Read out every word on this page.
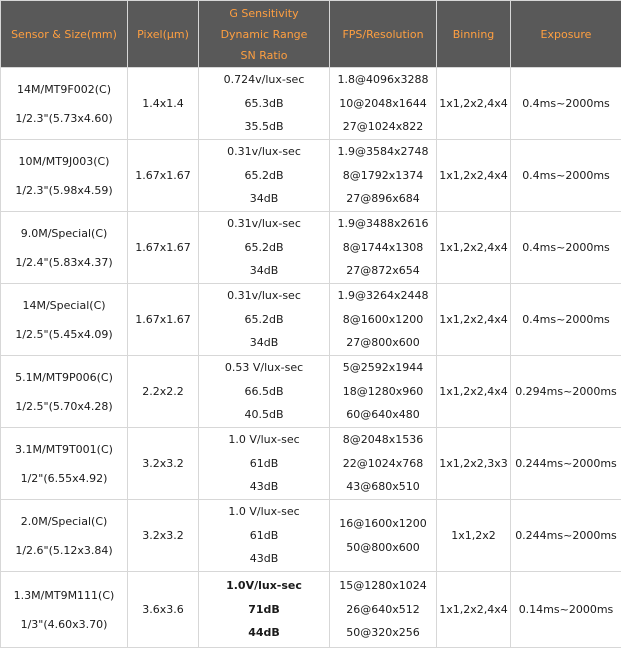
Sensor & Size(mm)	Pixel(μm)	G Sensitivity
Dynamic Range
SN Ratio	FPS/Resolution	Binning	Exposure

14M/MT9F002(C)
1/2.3"(5.73x4.60)	1.4x1.4	0.724v/lux-sec
65.3dB
35.5dB	1.8@4096x3288
10@2048x1644
27@1024x822	1x1,2x2,4x4	0.4ms~2000ms

10M/MT9J003(C)
1/2.3"(5.98x4.59)	1.67x1.67	0.31v/lux-sec
65.2dB
34dB	1.9@3584x2748
8@1792x1374
27@896x684	1x1,2x2,4x4	0.4ms~2000ms

9.0M/Special(C)
1/2.4"(5.83x4.37)	1.67x1.67	0.31v/lux-sec
65.2dB
34dB	1.9@3488x2616
8@1744x1308
27@872x654	1x1,2x2,4x4	0.4ms~2000ms

14M/Special(C)
1/2.5"(5.45x4.09)	1.67x1.67	0.31v/lux-sec
65.2dB
34dB	1.9@3264x2448
8@1600x1200
27@800x600	1x1,2x2,4x4	0.4ms~2000ms

5.1M/MT9P006(C)
1/2.5"(5.70x4.28)	2.2x2.2	0.53 V/lux-sec
66.5dB
40.5dB	5@2592x1944
18@1280x960
60@640x480	1x1,2x2,4x4	0.294ms~2000ms

3.1M/MT9T001(C)
1/2"(6.55x4.92)	3.2x3.2	1.0 V/lux-sec
61dB
43dB	8@2048x1536
22@1024x768
43@680x510	1x1,2x2,3x3	0.244ms~2000ms

2.0M/Special(C)
1/2.6"(5.12x3.84)	3.2x3.2	1.0 V/lux-sec
61dB
43dB	16@1600x1200
50@800x600	1x1,2x2	0.244ms~2000ms

1.3M/MT9M111(C)
1/3"(4.60x3.70)	3.6x3.6	1.0V/lux-sec
71dB
44dB	15@1280x1024
26@640x512
50@320x256	1x1,2x2,4x4	0.14ms~2000ms
